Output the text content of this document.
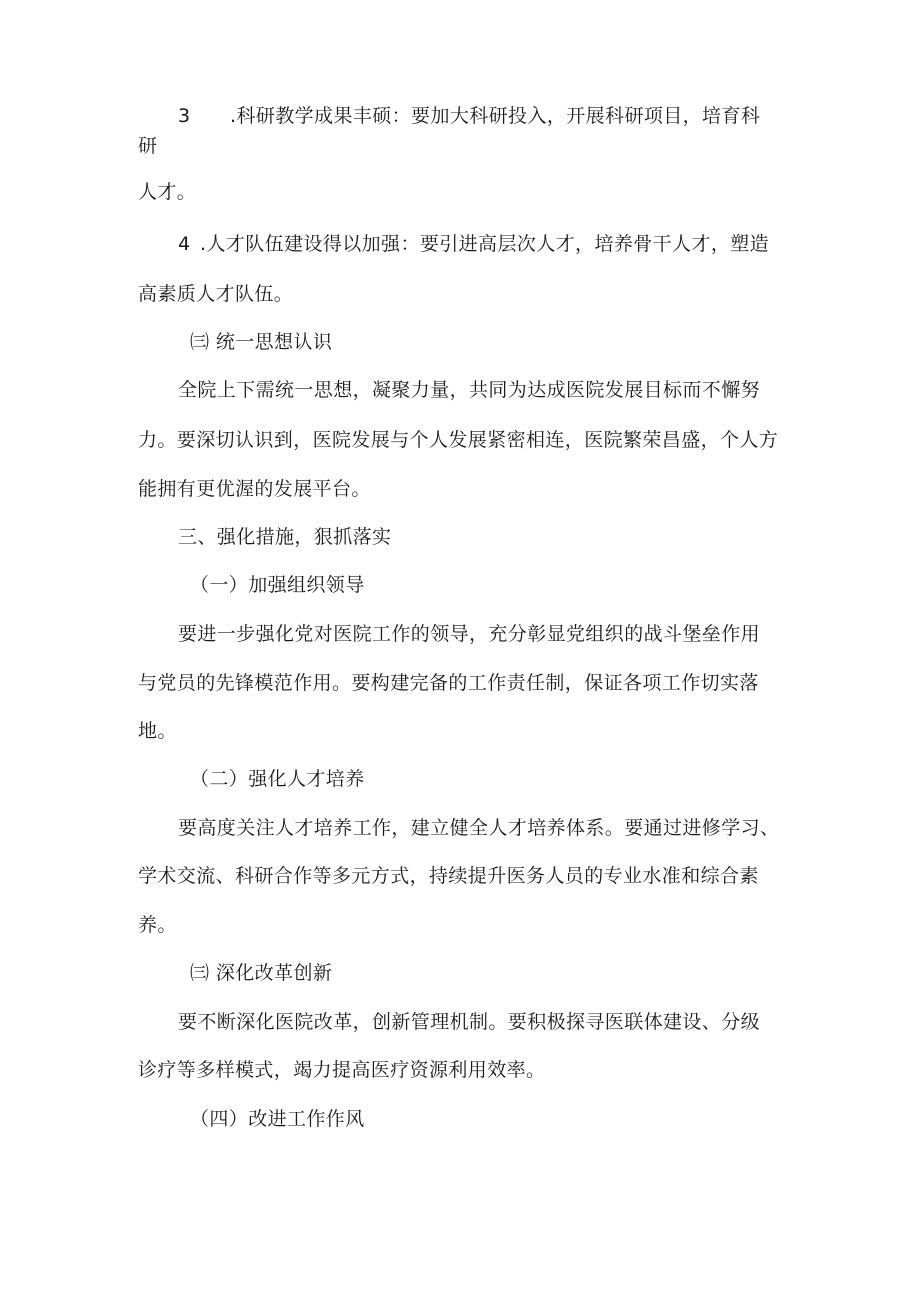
3 .科研教学成果丰硕：要加大科研投入，开展科研项目，培育科
研
人才。
4 .人才队伍建设得以加强：要引进高层次人才，培养骨干人才，塑造
高素质人才队伍。
㈢ 统一思想认识
全院上下需统一思想，凝聚力量，共同为达成医院发展目标而不懈努
力。要深切认识到，医院发展与个人发展紧密相连，医院繁荣昌盛，个人方
能拥有更优渥的发展平台。
三、强化措施，狠抓落实
（一）加强组织领导
要进一步强化党对医院工作的领导，充分彰显党组织的战斗堡垒作用
与党员的先锋模范作用。要构建完备的工作责任制，保证各项工作切实落
地。
（二）强化人才培养
要高度关注人才培养工作，建立健全人才培养体系。要通过进修学习、
学术交流、科研合作等多元方式，持续提升医务人员的专业水准和综合素
养。
㈢ 深化改革创新
要不断深化医院改革，创新管理机制。要积极探寻医联体建设、分级
诊疗等多样模式，竭力提高医疗资源利用效率。
（四）改进工作作风
